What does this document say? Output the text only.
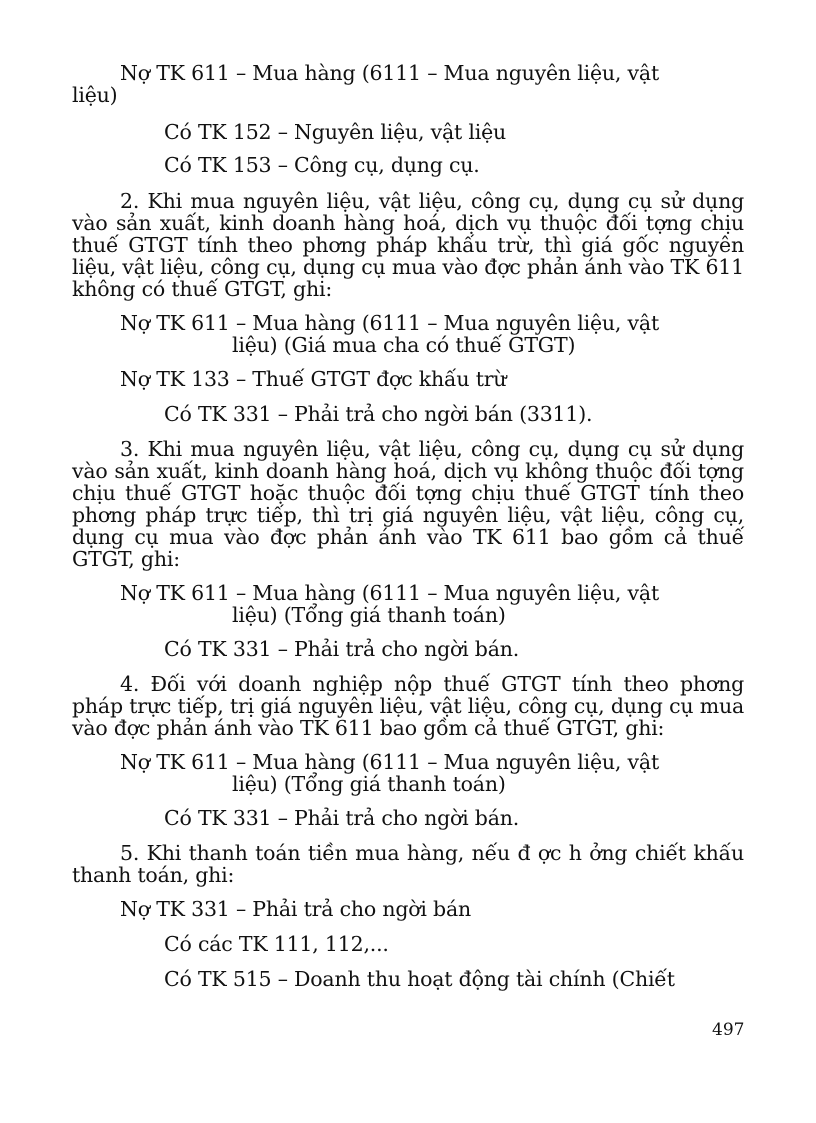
Nợ TK 611 – Mua hàng (6111 – Mua nguyên liệu, vật
liệu)
Có TK 152 – Nguyên liệu, vật liệu
Có TK 153 – Công cụ, dụng cụ.
2. Khi mua nguyên liệu, vật liệu, công cụ, dụng cụ sử dụng vào sản xuất, kinh doanh hàng hoá, dịch vụ thuộc đối tợng chịu thuế GTGT tính theo phơng pháp khấu trừ, thì giá gốc nguyên liệu, vật liệu, công cụ, dụng cụ mua vào đợc phản ánh vào TK 611 không có thuế GTGT, ghi:
Nợ TK 611 – Mua hàng (6111 – Mua nguyên liệu, vật
liệu) (Giá mua cha có thuế GTGT)
Nợ TK 133 – Thuế GTGT đợc khấu trừ
Có TK 331 – Phải trả cho ngời bán (3311).
3. Khi mua nguyên liệu, vật liệu, công cụ, dụng cụ sử dụng vào sản xuất, kinh doanh hàng hoá, dịch vụ không thuộc đối tợng chịu thuế GTGT hoặc thuộc đối tợng chịu thuế GTGT tính theo phơng pháp trực tiếp, thì trị giá nguyên liệu, vật liệu, công cụ, dụng cụ mua vào đợc phản ánh vào TK 611 bao gồm cả thuế GTGT, ghi:
Nợ TK 611 – Mua hàng (6111 – Mua nguyên liệu, vật
liệu) (Tổng giá thanh toán)
Có TK 331 – Phải trả cho ngời bán.
4. Đối với doanh nghiệp nộp thuế GTGT tính theo phơng pháp trực tiếp, trị giá nguyên liệu, vật liệu, công cụ, dụng cụ mua vào đợc phản ánh vào TK 611 bao gồm cả thuế GTGT, ghi:
Nợ TK 611 – Mua hàng (6111 – Mua nguyên liệu, vật
liệu) (Tổng giá thanh toán)
Có TK 331 – Phải trả cho ngời bán.
5. Khi thanh toán tiền mua hàng, nếu đ ợc h ởng chiết khấu thanh toán, ghi:
Nợ TK 331 – Phải trả cho ngời bán
Có các TK 111, 112,...
Có TK 515 – Doanh thu hoạt động tài chính (Chiết
497
